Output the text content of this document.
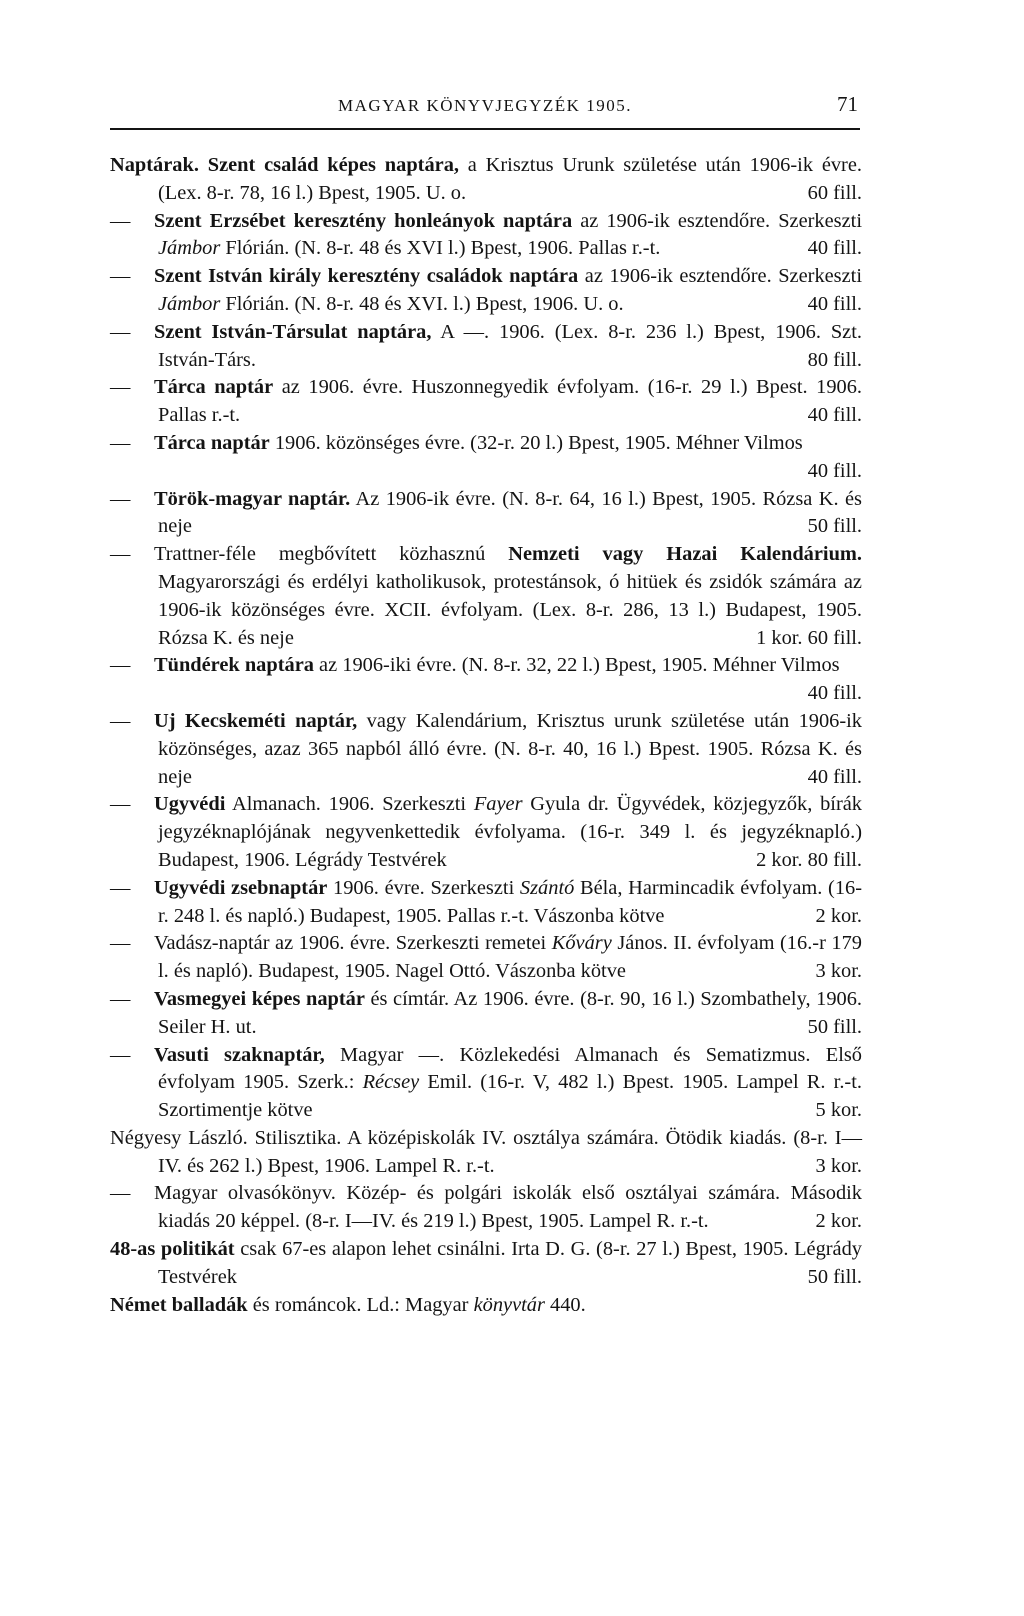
MAGYAR KÖNYVJEGYZÉK 1905.	71

Naptárak. Szent család képes naptára, a Krisztus Urunk születése után 1906-ik évre. (Lex. 8-r. 78, 16 l.) Bpest, 1905. U. o.	60 fill.

— Szent Erzsébet keresztény honleányok naptára az 1906-ik esztendőre. Szerkeszti Jámbor Flórián. (N. 8-r. 48 és XVI l.) Bpest, 1906. Pallas r.-t.	40 fill.

— Szent István király keresztény családok naptára az 1906-ik esztendőre. Szerkeszti Jámbor Flórián. (N. 8-r. 48 és XVI. l.) Bpest, 1906. U. o.	40 fill.

— Szent István-Társulat naptára, A —. 1906. (Lex. 8-r. 236 l.) Bpest, 1906. Szt. István-Társ.	80 fill.

— Tárca naptár az 1906. évre. Huszonnegyedik évfolyam. (16-r. 29 l.) Bpest. 1906. Pallas r.-t.	40 fill.

— Tárca naptár 1906. közönséges évre. (32-r. 20 l.) Bpest, 1905. Méhner Vilmos
40 fill.

— Török-magyar naptár. Az 1906-ik évre. (N. 8-r. 64, 16 l.) Bpest, 1905. Rózsa K. és neje	50 fill.

— Trattner-féle megbővített közhasznú Nemzeti vagy Hazai Kalendárium. Magyarországi és erdélyi katholikusok, protestánsok, ó hitüek és zsidók számára az 1906-ik közönséges évre. XCII. évfolyam. (Lex. 8-r. 286, 13 l.) Budapest, 1905. Rózsa K. és neje	1 kor. 60 fill.

— Tündérek naptára az 1906-iki évre. (N. 8-r. 32, 22 l.) Bpest, 1905. Méhner Vilmos
40 fill.

— Uj Kecskeméti naptár, vagy Kalendárium, Krisztus urunk születése után 1906-ik közönséges, azaz 365 napból álló évre. (N. 8-r. 40, 16 l.) Bpest. 1905. Rózsa K. és neje	40 fill.

— Ugyvédi Almanach. 1906. Szerkeszti Fayer Gyula dr. Ügyvédek, közjegyzők, bírák jegyzéknaplójának negyvenkettedik évfolyama. (16-r. 349 l. és jegyzéknapló.) Budapest, 1906. Légrády Testvérek	2 kor. 80 fill.

— Ugyvédi zsebnaptár 1906. évre. Szerkeszti Szántó Béla, Harmincadik évfolyam. (16-r. 248 l. és napló.) Budapest, 1905. Pallas r.-t. Vászonba kötve	2 kor.

— Vadász-naptár az 1906. évre. Szerkeszti remetei Kőváry János. II. évfolyam (16.-r 179 l. és napló). Budapest, 1905. Nagel Ottó. Vászonba kötve	3 kor.

— Vasmegyei képes naptár és címtár. Az 1906. évre. (8-r. 90, 16 l.) Szombathely, 1906. Seiler H. ut.	50 fill.

— Vasuti szaknaptár, Magyar —. Közlekedési Almanach és Sematizmus. Első évfolyam 1905. Szerk.: Récsey Emil. (16-r. V, 482 l.) Bpest. 1905. Lampel R. r.-t. Szortimentje kötve	5 kor.

Négyesy László. Stilisztika. A középiskolák IV. osztálya számára. Ötödik kiadás. (8-r. I—IV. és 262 l.) Bpest, 1906. Lampel R. r.-t.	3 kor.

— Magyar olvasókönyv. Közép- és polgári iskolák első osztályai számára. Második kiadás 20 képpel. (8-r. I—IV. és 219 l.) Bpest, 1905. Lampel R. r.-t.	2 kor.

48-as politikát csak 67-es alapon lehet csinálni. Irta D. G. (8-r. 27 l.) Bpest, 1905. Légrády Testvérek	50 fill.

Német balladák és románcok. Ld.: Magyar könyvtár 440.
